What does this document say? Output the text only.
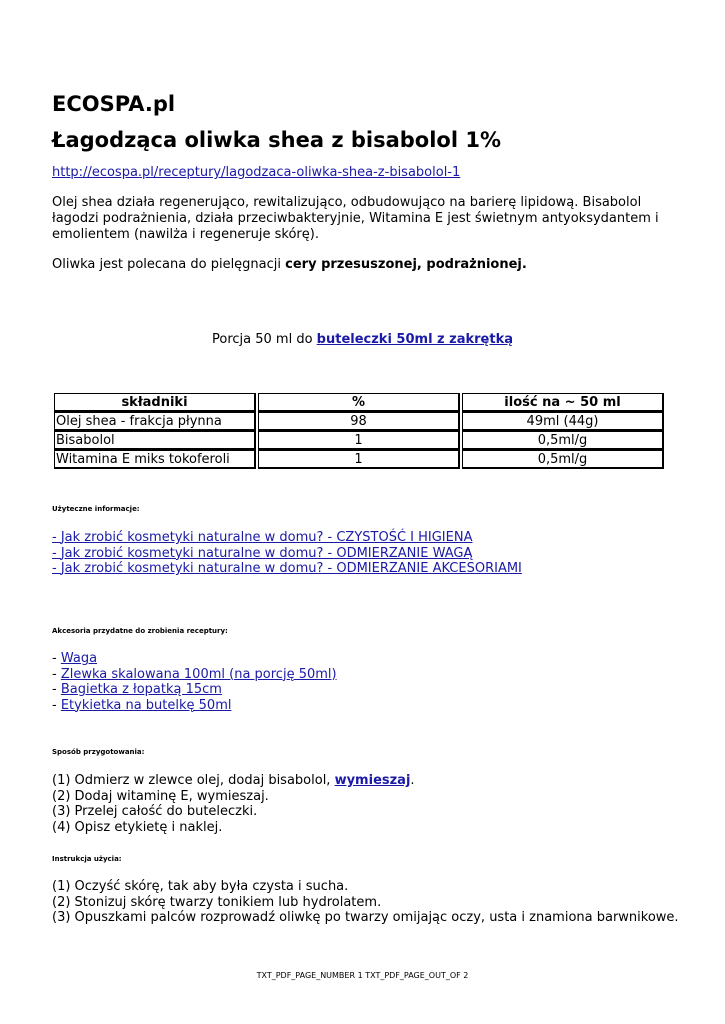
ECOSPA.pl
Łagodząca oliwka shea z bisabolol 1%
http://ecospa.pl/receptury/lagodzaca-oliwka-shea-z-bisabolol-1
Olej shea działa regenerująco, rewitalizująco, odbudowująco na barierę lipidową. Bisabolol łagodzi podrażnienia, działa przeciwbakteryjnie, Witamina E jest świetnym antyoksydantem i emolientem (nawilża i regeneruje skórę).
Oliwka jest polecana do pielęgnacji cery przesuszonej, podrażnionej.
Porcja 50 ml do buteleczki 50ml z zakrętką
składniki	%	ilość na ~ 50 ml
Olej shea - frakcja płynna	98	49ml (44g)
Bisabolol	1	0,5ml/g
Witamina E miks tokoferoli	1	0,5ml/g
Użyteczne informacje:
- Jak zrobić kosmetyki naturalne w domu? - CZYSTOŚĆ I HIGIENA
- Jak zrobić kosmetyki naturalne w domu? - ODMIERZANIE WAGĄ
- Jak zrobić kosmetyki naturalne w domu? - ODMIERZANIE AKCESORIAMI
Akcesoria przydatne do zrobienia receptury:
- Waga
- Zlewka skalowana 100ml (na porcję 50ml)
- Bagietka z łopatką 15cm
- Etykietka na butelkę 50ml
Sposób przygotowania:
(1) Odmierz w zlewce olej, dodaj bisabolol, wymieszaj.
(2) Dodaj witaminę E, wymieszaj.
(3) Przelej całość do buteleczki.
(4) Opisz etykietę i naklej.
Instrukcja użycia:
(1) Oczyść skórę, tak aby była czysta i sucha.
(2) Stonizuj skórę twarzy tonikiem lub hydrolatem.
(3) Opuszkami palców rozprowadź oliwkę po twarzy omijając oczy, usta i znamiona barwnikowe.
TXT_PDF_PAGE_NUMBER 1 TXT_PDF_PAGE_OUT_OF 2
